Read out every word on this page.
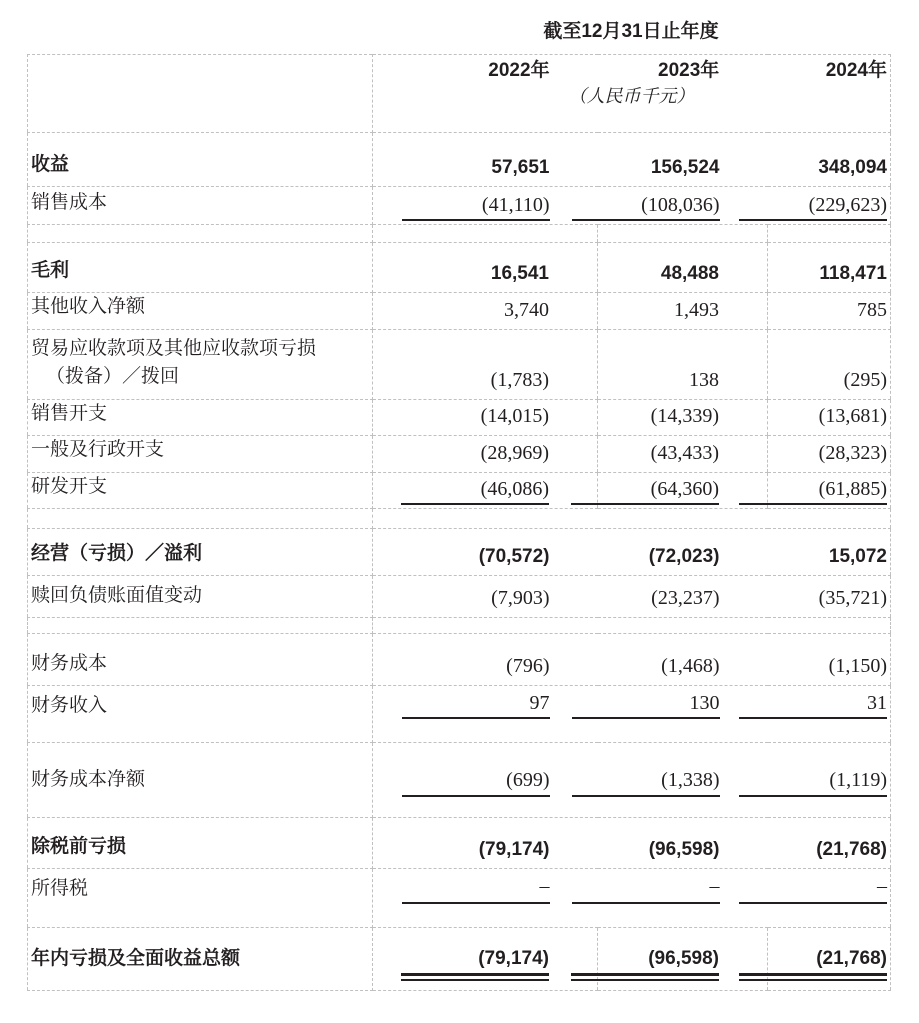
截至12月31日止年度

	2022年 2023年 2024年
（人民币千元）		

收益	57,651	156,524	348,094
销售成本	(41,110)	(108,036)	(229,623)

毛利	16,541	48,488	118,471
其他收入净额	3,740	1,493	785

贸易应收款项及其他应收款项亏损
（拨备）／拨回	(1,783)	138	(295)
销售开支	(14,015)	(14,339)	(13,681)
一般及行政开支	(28,969)	(43,433)	(28,323)
研发开支	(46,086)	(64,360)	(61,885)

经营（亏损）／溢利	(70,572)	(72,023)	15,072
赎回负债账面值变动	(7,903)	(23,237)	(35,721)

财务成本	(796)	(1,468)	(1,150)
财务收入	97	130	31

财务成本净额	(699)	(1,338)	(1,119)

除税前亏损	(79,174)	(96,598)	(21,768)
所得税	–	–	–

年内亏损及全面收益总额	(79,174)	(96,598)	(21,768)
